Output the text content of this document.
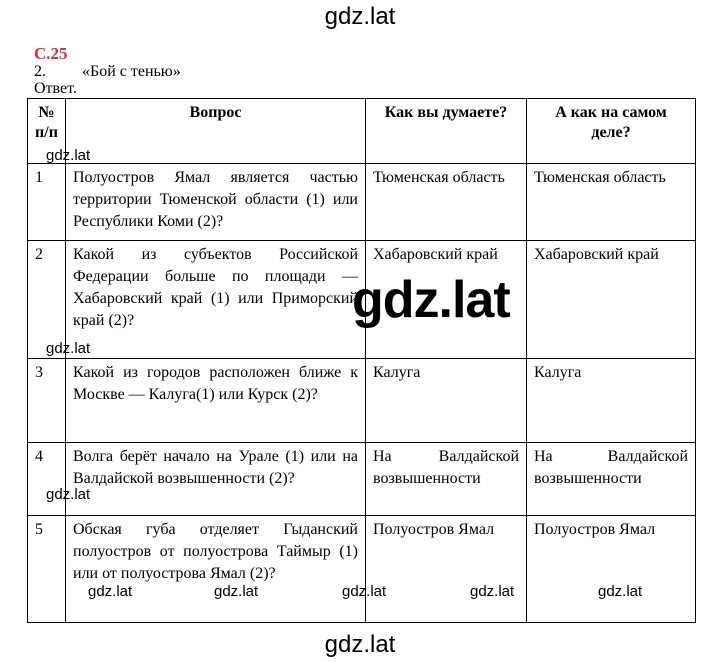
gdz.lat
С.25
2. «Бой с тенью»
Ответ.
№ п/п	Вопрос	Как вы думаете?	А как на самом деле?
1	Полуостров Ямал является частью территории Тюменской области (1) или Республики Коми (2)?	Тюменская область	Тюменская область
2	Какой из субъектов Российской Федерации больше по площади — Хабаровский край (1) или Приморский край (2)?	Хабаровский край	Хабаровский край
3	Какой из городов расположен ближе к Москве — Калуга(1) или Курск (2)?	Калуга	Калуга
4	Волга берёт начало на Урале (1) или на Валдайской возвышенности (2)?	На Валдайской возвышенности	На Валдайской возвышенности
5	Обская губа отделяет Гыданский полуостров от полуострова Таймыр (1) или от полуострова Ямал (2)?	Полуостров Ямал	Полуостров Ямал
gdz.lat
gdz.lat
gdz.lat
gdz.lat	gdz.lat	gdz.lat	gdz.lat	gdz.lat
gdz.lat
gdz.lat
